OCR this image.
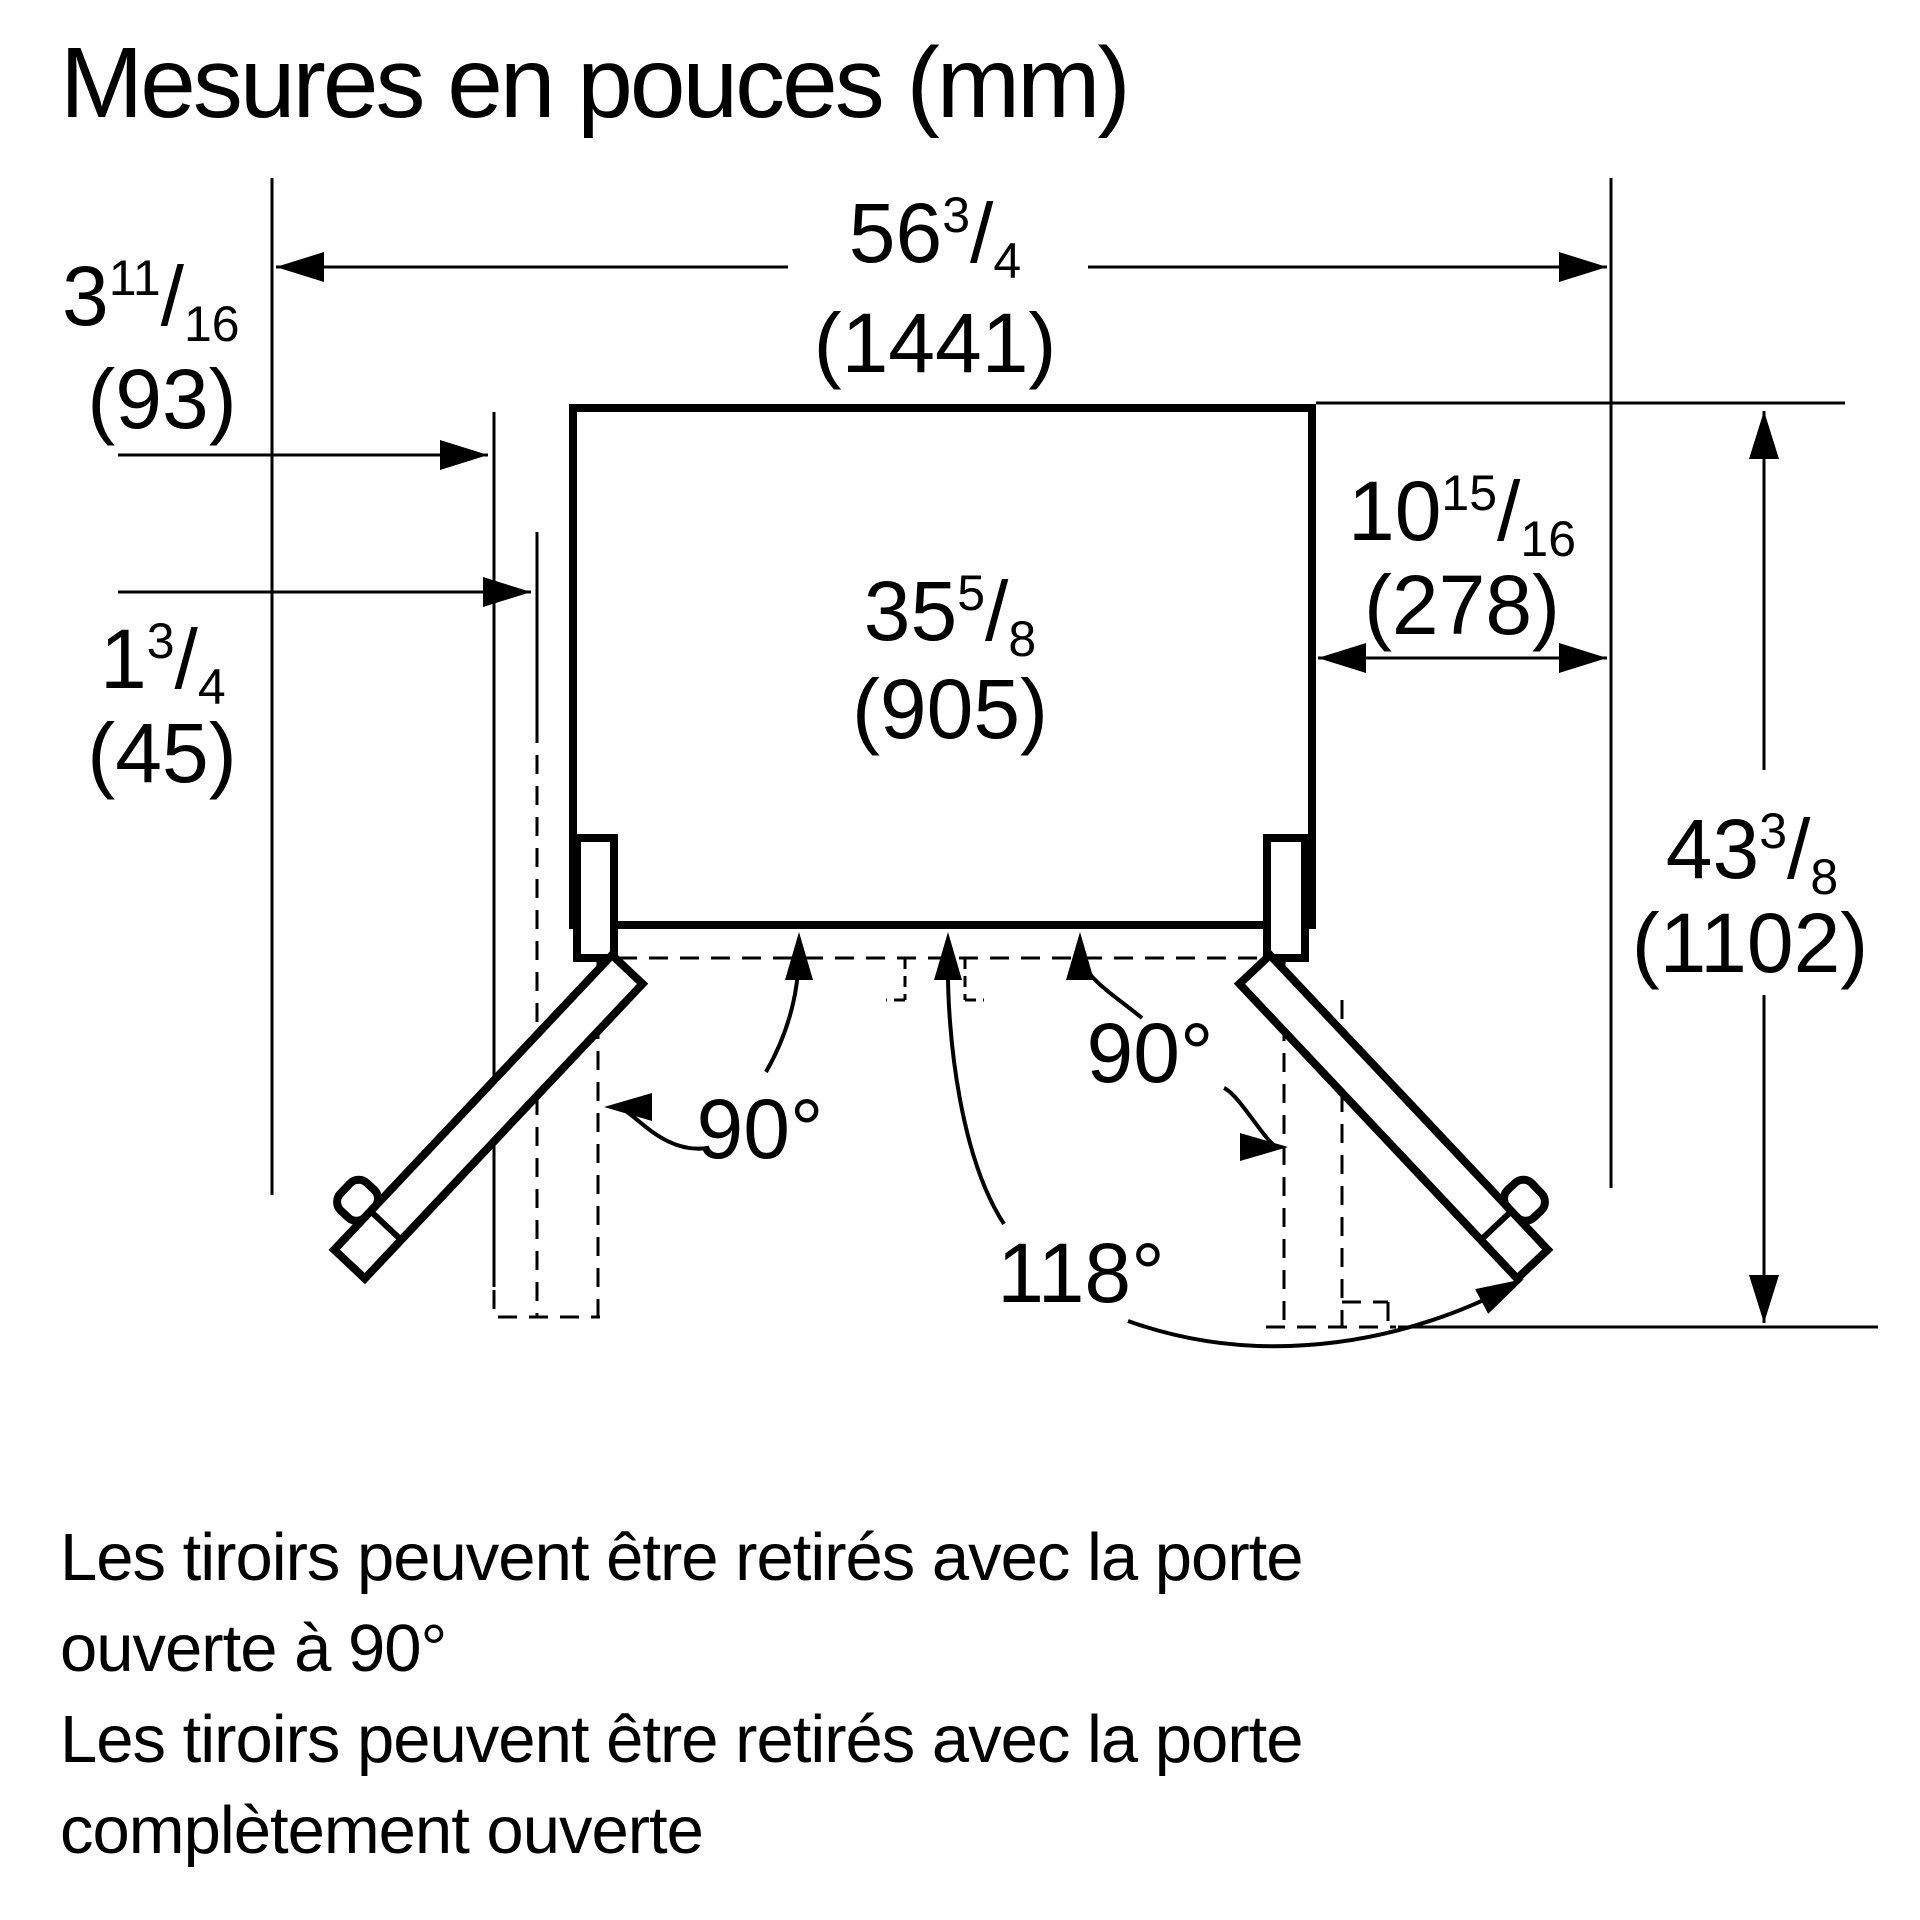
Mesures en pouces (mm)
$56^3/4$
(1441)
$3^{11}/16$
(93)
$1^3/4$
(45)
$35^5/8$
(905)
$10^{15}/16$
(278)
$43^3/8$
(1102)
90°
90°
118°
Les tiroirs peuvent être retirés avec la porte
ouverte à 90°
Les tiroirs peuvent être retirés avec la porte
complètement ouverte
